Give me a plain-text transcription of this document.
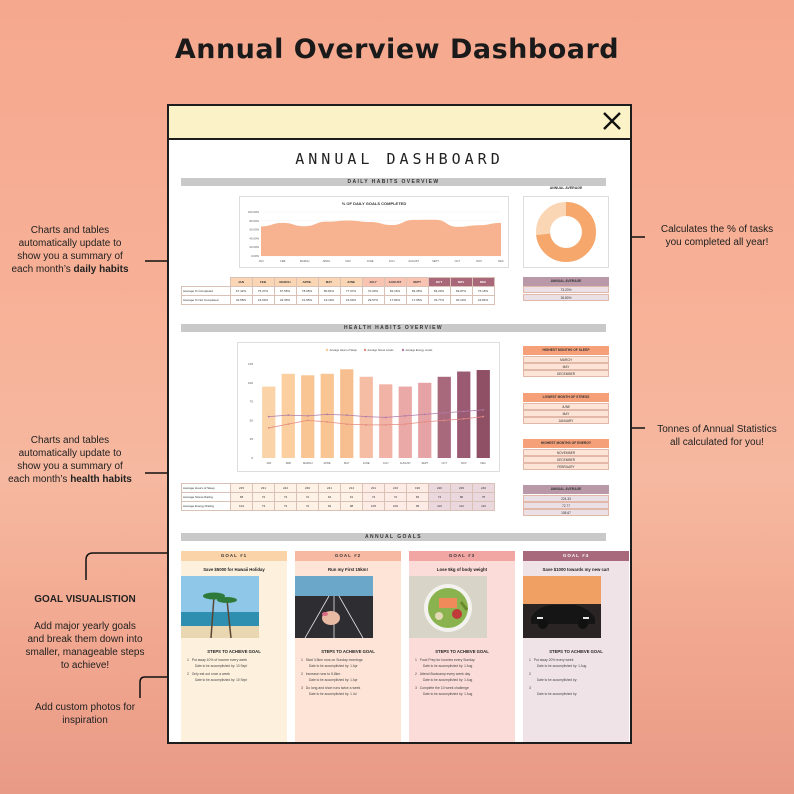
Annual Overview Dashboard
Charts and tables
automatically update to
show you a summary of
each month’s daily habits
Charts and tables
automatically update to
show you a summary of
each month’s health habits
GOAL VISUALISTION
Add major yearly goals
and break them down into
smaller, manageable steps
to achieve!
Add custom photos for
inspiration
Calculates the % of tasks
you completed all year!
Tonnes of Annual Statistics
all calculated for you!
ANNUAL DASHBOARD
DAILY HABITS OVERVIEW
% OF DAILY GOALS COMPLETED
100.00%
80.00%
60.00%
40.00%
20.00%
0.00%
JAN	FEB	MARCH	APRIL	MAY	JUNE	JULY	AUGUST	SEPT	OCT	NOV	DEC
ANNUAL AVERAGE
	JAN	FEB	MARCH	APRIL	MAY	JUNE	JULY	AUGUST	SEPT	OCT	NOV	DEC
Average % Completed	67.42%	75.37%	67.65%	78.05%	80.81%	77.37%	70.33%	82.16%	82.35%	66.23%	69.87%	75.16%
Average % Not Completed	32.58%	24.63%	32.35%	21.95%	19.19%	22.63%	29.67%	17.84%	17.65%	33.77%	30.13%	24.84%
ANNUAL AVERAGE
73.20%
26.80%
HEALTH HABITS OVERVIEW
Average Hours of Sleep	Average Stress Levels	Average Energy Levels
125
100
75
50
25
0
JAN	FEB	MARCH	APRIL	MAY	JUNE	JULY	AUGUST	SEPT	OCT	NOV	DEC
HIGHEST MONTHS OF SLEEP
MARCH
MAY
DECEMBER
LOWEST MONTH OF STRESS
JUNE
MAY
JANUARY
HIGHEST MONTHS OF ENERGY
NOVEMBER
DECEMBER
FEBRUARY
ANNUAL AVERAGE
224.33
72.77
108.67
Average Hours of Sleep	215	231	242	230	241	214	231	216	196	220	236	240
Average Stress Rating	68	72	73	72	64	61	73	72	66	74	80	75
Average Energy Rating	104	73	73	72	92	98	105	106	95	110	112	116
ANNUAL GOALS
GOAL #1
Save $5000 for Hawaii Holiday
STEPS TO ACHIEVE GOAL
1   Put away 10% of income every week
Date to be accomplished by: 10 Sept
2   Only eat out once a week
Date to be accomplished by: 10 Sept
GOAL #2
Run my First 15km!
STEPS TO ACHIEVE GOAL
1   Start 3.5km runs on Sunday mornings
Date to be accomplished by: 1 Apr
2   Increase runs to 5-8km
Date to be accomplished by: 1 Apr
3   Do long and short runs twice a week
Date to be accomplished by: 1 Jul
GOAL #3
Lose 5kg of body weight
STEPS TO ACHIEVE GOAL
1   Food Prep for lunches every Sunday
Date to be accomplished by: 1 Aug
2   Attend Bootcamp every week day
Date to be accomplished by: 1 Aug
3   Complete the 10 week challenge
Date to be accomplished by: 1 Aug
GOAL #4
Save $1000 towards my new car!
STEPS TO ACHIEVE GOAL
1   Put away 20% every week
Date to be accomplished by: 1 Aug
2
Date to be accomplished by:
3
Date to be accomplished by:
